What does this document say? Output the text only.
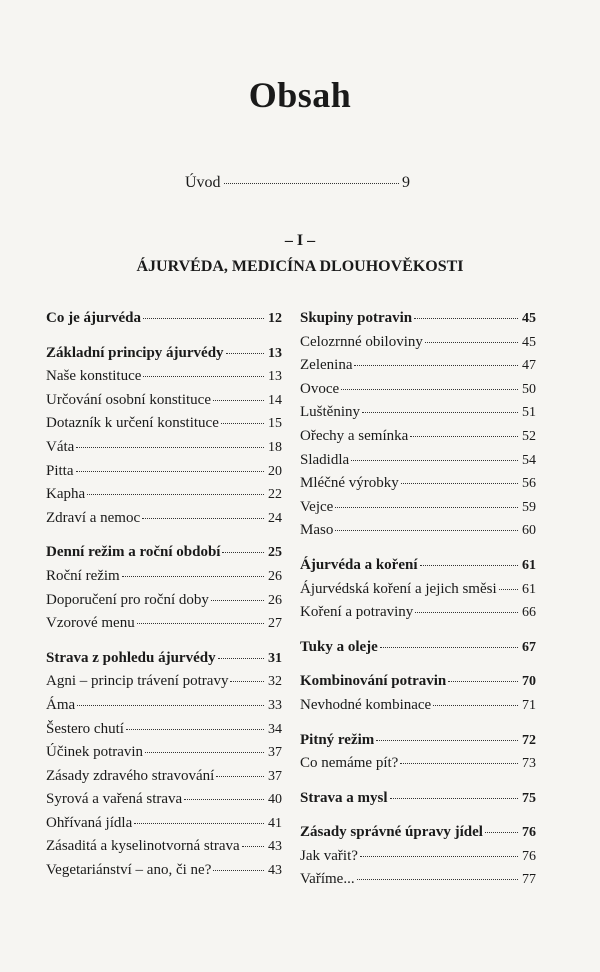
Obsah
Úvod	9
– I –
ÁJURVÉDA, MEDICÍNA DLOUHOVĚKOSTI
Co je ájurvéda	12
Základní principy ájurvédy	13
Naše konstituce	13
Určování osobní konstituce	14
Dotazník k určení konstituce	15
Váta	18
Pitta	20
Kapha	22
Zdraví a nemoc	24
Denní režim a roční období	25
Roční režim	26
Doporučení pro roční doby	26
Vzorové menu	27
Strava z pohledu ájurvédy	31
Agni – princip trávení potravy	32
Áma	33
Šestero chutí	34
Účinek potravin	37
Zásady zdravého stravování	37
Syrová a vařená strava	40
Ohřívaná jídla	41
Zásaditá a kyselinotvorná strava 43
Vegetariánství – ano, či ne?	43
Skupiny potravin	45
Celozrnné obiloviny	45
Zelenina	47
Ovoce	50
Luštěniny	51
Ořechy a semínka	52
Sladidla	54
Mléčné výrobky	56
Vejce	59
Maso	60
Ájurvéda a koření	61
Ájurvédská koření a jejich směsi 61
Koření a potraviny	66
Tuky a oleje	67
Kombinování potravin	70
Nevhodné kombinace	71
Pitný režim	72
Co nemáme pít?	73
Strava a mysl	75
Zásady správné úpravy jídel	76
Jak vařit?	76
Vaříme...	77
